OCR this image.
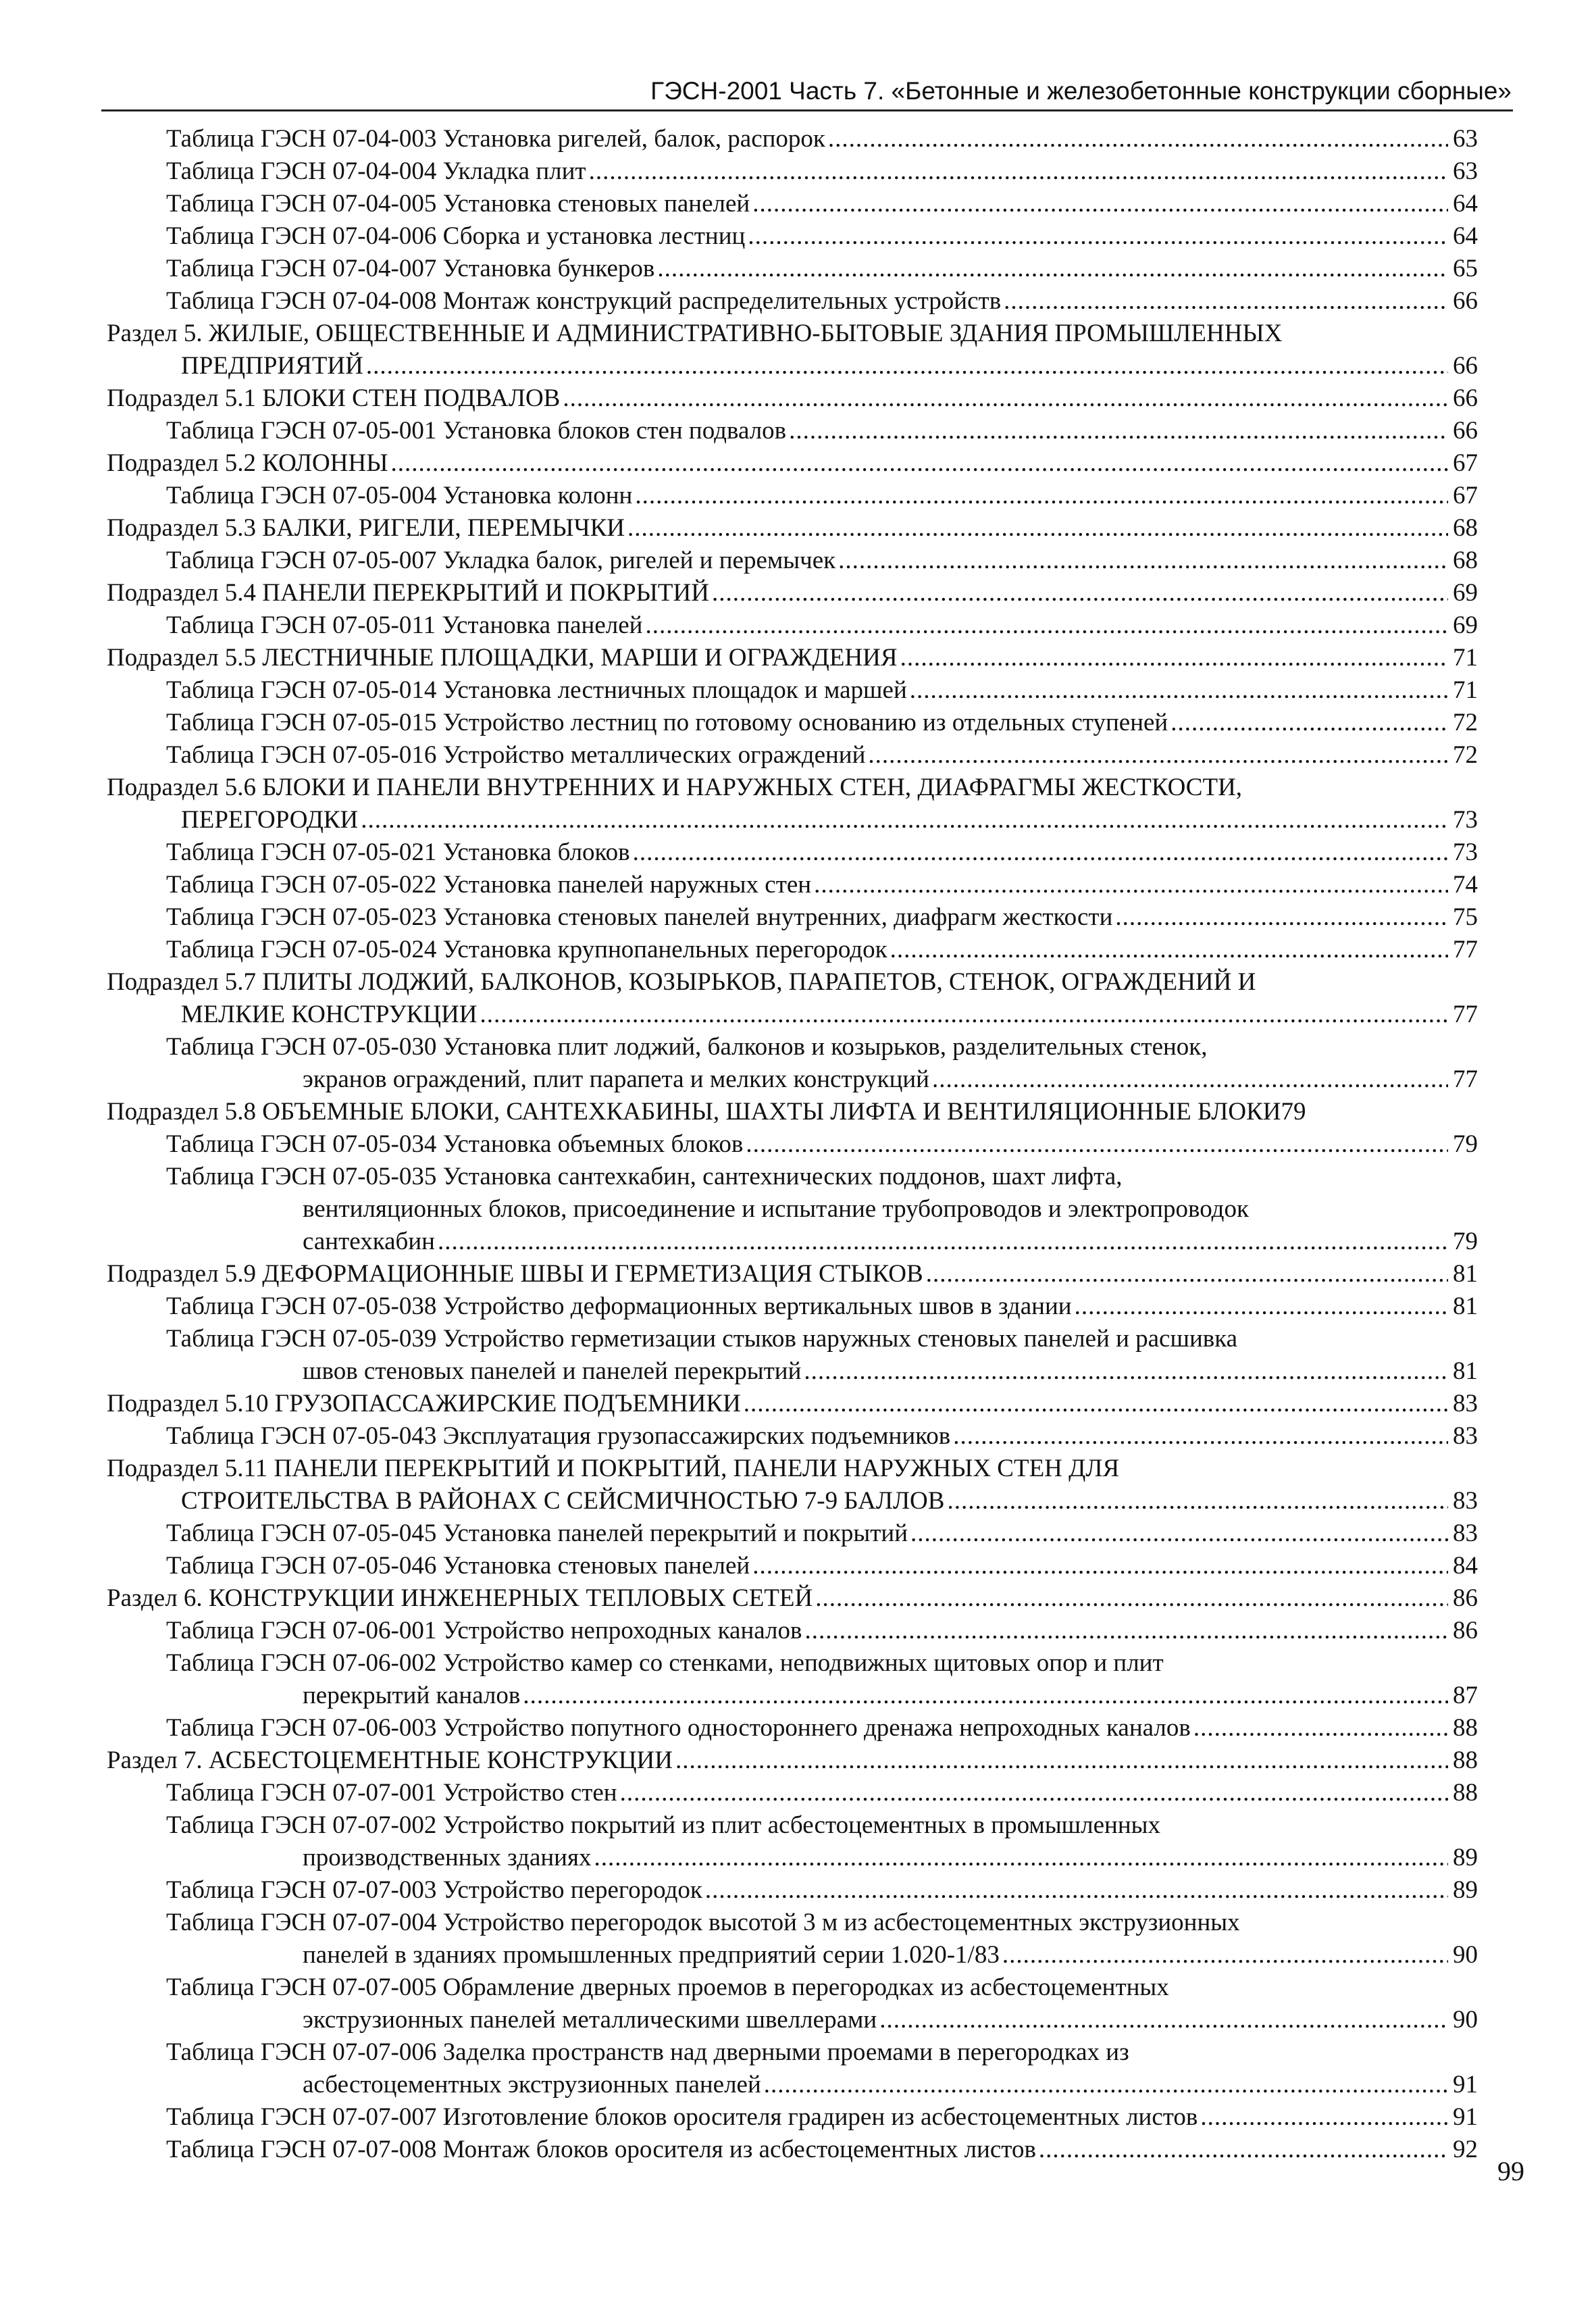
ГЭСН-2001 Часть 7. «Бетонные и железобетонные конструкции сборные»
Таблица ГЭСН 07-04-003 Установка ригелей, балок, распорок .....	63
Таблица ГЭСН 07-04-004 Укладка плит .....	63
Таблица ГЭСН 07-04-005 Установка стеновых панелей .....	64
Таблица ГЭСН 07-04-006 Сборка и установка лестниц .....	64
Таблица ГЭСН 07-04-007 Установка бункеров .....	65
Таблица ГЭСН 07-04-008 Монтаж конструкций распределительных устройств .....	66
Раздел 5. ЖИЛЫЕ, ОБЩЕСТВЕННЫЕ И АДМИНИСТРАТИВНО-БЫТОВЫЕ ЗДАНИЯ ПРОМЫШЛЕННЫХ
ПРЕДПРИЯТИЙ .....	66
Подраздел 5.1 БЛОКИ СТЕН ПОДВАЛОВ .....	66
Таблица ГЭСН 07-05-001 Установка блоков стен подвалов .....	66
Подраздел 5.2 КОЛОННЫ .....	67
Таблица ГЭСН 07-05-004 Установка колонн .....	67
Подраздел 5.3 БАЛКИ, РИГЕЛИ, ПЕРЕМЫЧКИ .....	68
Таблица ГЭСН 07-05-007 Укладка балок, ригелей и перемычек .....	68
Подраздел 5.4 ПАНЕЛИ ПЕРЕКРЫТИЙ И ПОКРЫТИЙ .....	69
Таблица ГЭСН 07-05-011 Установка панелей .....	69
Подраздел 5.5 ЛЕСТНИЧНЫЕ ПЛОЩАДКИ, МАРШИ И ОГРАЖДЕНИЯ .....	71
Таблица ГЭСН 07-05-014 Установка лестничных площадок и маршей .....	71
Таблица ГЭСН 07-05-015 Устройство лестниц по готовому основанию из отдельных ступеней .....	72
Таблица ГЭСН 07-05-016 Устройство металлических ограждений .....	72
Подраздел 5.6 БЛОКИ И ПАНЕЛИ ВНУТРЕННИХ И НАРУЖНЫХ СТЕН, ДИАФРАГМЫ ЖЕСТКОСТИ,
ПЕРЕГОРОДКИ .....	73
Таблица ГЭСН 07-05-021 Установка блоков .....	73
Таблица ГЭСН 07-05-022 Установка панелей наружных стен .....	74
Таблица ГЭСН 07-05-023 Установка стеновых панелей внутренних, диафрагм жесткости .....	75
Таблица ГЭСН 07-05-024 Установка крупнопанельных перегородок .....	77
Подраздел 5.7 ПЛИТЫ ЛОДЖИЙ, БАЛКОНОВ, КОЗЫРЬКОВ, ПАРАПЕТОВ, СТЕНОК, ОГРАЖДЕНИЙ И
МЕЛКИЕ КОНСТРУКЦИИ .....	77
Таблица ГЭСН 07-05-030 Установка плит лоджий, балконов и козырьков, разделительных стенок,
экранов ограждений, плит парапета и мелких конструкций .....	77
Подраздел 5.8 ОБЪЕМНЫЕ БЛОКИ, САНТЕХКАБИНЫ, ШАХТЫ ЛИФТА И ВЕНТИЛЯЦИОННЫЕ БЛОКИ 79
Таблица ГЭСН 07-05-034 Установка объемных блоков .....	79
Таблица ГЭСН 07-05-035 Установка сантехкабин, сантехнических поддонов, шахт лифта,
вентиляционных блоков, присоединение и испытание трубопроводов и электропроводок
сантехкабин .....	79
Подраздел 5.9 ДЕФОРМАЦИОННЫЕ ШВЫ И ГЕРМЕТИЗАЦИЯ СТЫКОВ .....	81
Таблица ГЭСН 07-05-038 Устройство деформационных вертикальных швов в здании .....	81
Таблица ГЭСН 07-05-039 Устройство герметизации стыков наружных стеновых панелей и расшивка
швов стеновых панелей и панелей перекрытий .....	81
Подраздел 5.10 ГРУЗОПАССАЖИРСКИЕ ПОДЪЕМНИКИ .....	83
Таблица ГЭСН 07-05-043 Эксплуатация грузопассажирских подъемников .....	83
Подраздел 5.11 ПАНЕЛИ ПЕРЕКРЫТИЙ И ПОКРЫТИЙ, ПАНЕЛИ НАРУЖНЫХ СТЕН ДЛЯ
СТРОИТЕЛЬСТВА В РАЙОНАХ С СЕЙСМИЧНОСТЬЮ 7-9 БАЛЛОВ .....	83
Таблица ГЭСН 07-05-045 Установка панелей перекрытий и покрытий .....	83
Таблица ГЭСН 07-05-046 Установка стеновых панелей .....	84
Раздел 6. КОНСТРУКЦИИ ИНЖЕНЕРНЫХ ТЕПЛОВЫХ СЕТЕЙ .....	86
Таблица ГЭСН 07-06-001 Устройство непроходных каналов .....	86
Таблица ГЭСН 07-06-002 Устройство камер со стенками, неподвижных щитовых опор и плит
перекрытий каналов .....	87
Таблица ГЭСН 07-06-003 Устройство попутного одностороннего дренажа непроходных каналов .....	88
Раздел 7. АСБЕСТОЦЕМЕНТНЫЕ КОНСТРУКЦИИ .....	88
Таблица ГЭСН 07-07-001 Устройство стен .....	88
Таблица ГЭСН 07-07-002 Устройство покрытий из плит асбестоцементных в промышленных
производственных зданиях .....	89
Таблица ГЭСН 07-07-003 Устройство перегородок .....	89
Таблица ГЭСН 07-07-004 Устройство перегородок высотой 3 м из асбестоцементных экструзионных
панелей в зданиях промышленных предприятий серии 1.020-1/83 .....	90
Таблица ГЭСН 07-07-005 Обрамление дверных проемов в перегородках из асбестоцементных
экструзионных панелей металлическими швеллерами .....	90
Таблица ГЭСН 07-07-006 Заделка пространств над дверными проемами в перегородках из
асбестоцементных экструзионных панелей .....	91
Таблица ГЭСН 07-07-007 Изготовление блоков оросителя градирен из асбестоцементных листов .....	91
Таблица ГЭСН 07-07-008 Монтаж блоков оросителя из асбестоцементных листов .....	92
99
